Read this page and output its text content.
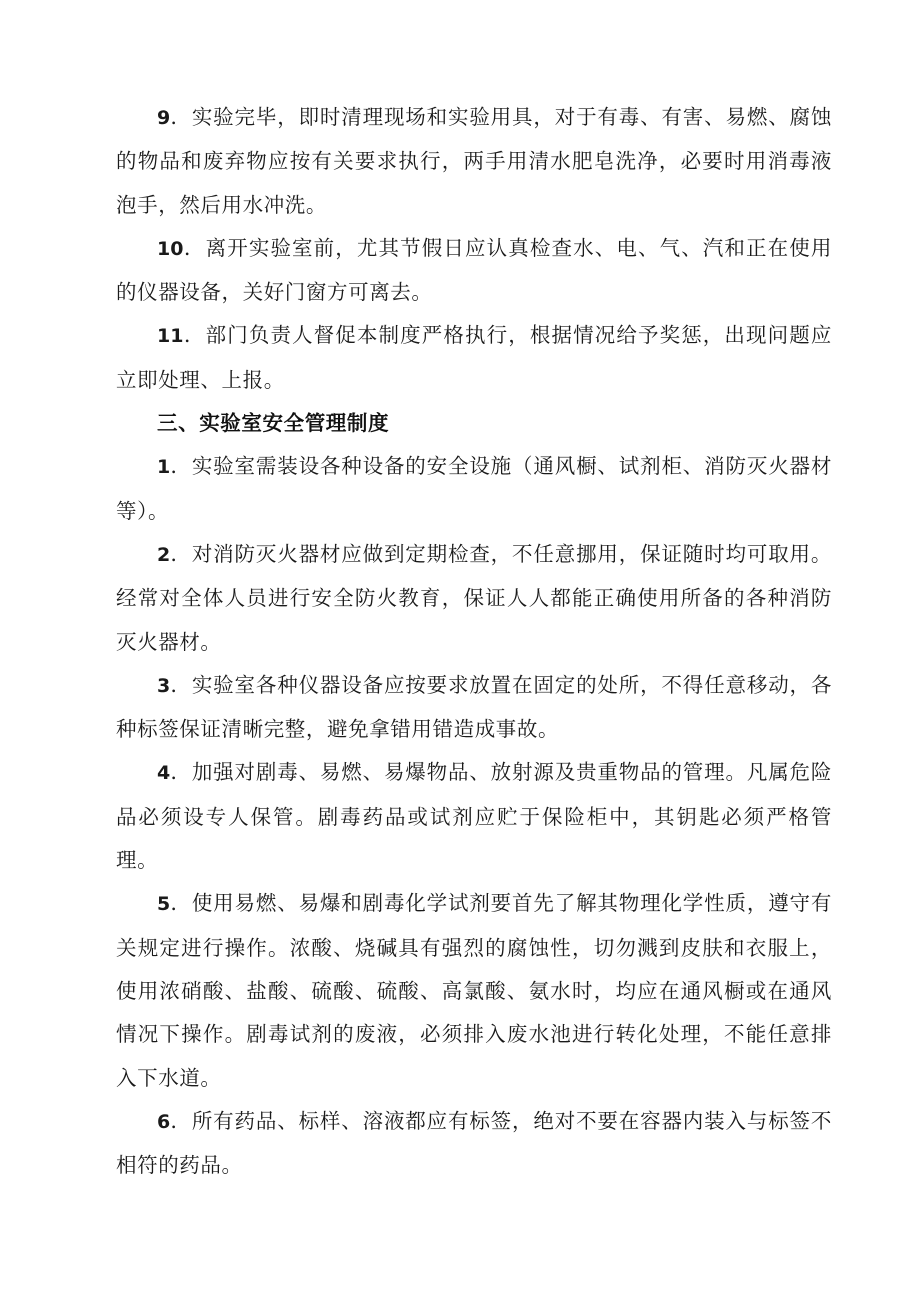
9．实验完毕，即时清理现场和实验用具，对于有毒、有害、易燃、腐蚀的物品和废弃物应按有关要求执行，两手用清水肥皂洗净，必要时用消毒液泡手，然后用水冲洗。

10．离开实验室前，尤其节假日应认真检查水、电、气、汽和正在使用的仪器设备，关好门窗方可离去。

11．部门负责人督促本制度严格执行，根据情况给予奖惩，出现问题应立即处理、上报。

三、实验室安全管理制度

1．实验室需装设各种设备的安全设施（通风橱、试剂柜、消防灭火器材等）。

2．对消防灭火器材应做到定期检查，不任意挪用，保证随时均可取用。经常对全体人员进行安全防火教育，保证人人都能正确使用所备的各种消防灭火器材。

3．实验室各种仪器设备应按要求放置在固定的处所，不得任意移动，各种标签保证清晰完整，避免拿错用错造成事故。

4．加强对剧毒、易燃、易爆物品、放射源及贵重物品的管理。凡属危险品必须设专人保管。剧毒药品或试剂应贮于保险柜中，其钥匙必须严格管理。

5．使用易燃、易爆和剧毒化学试剂要首先了解其物理化学性质，遵守有关规定进行操作。浓酸、烧碱具有强烈的腐蚀性，切勿溅到皮肤和衣服上，使用浓硝酸、盐酸、硫酸、硫酸、高氯酸、氨水时，均应在通风橱或在通风情况下操作。剧毒试剂的废液，必须排入废水池进行转化处理，不能任意排入下水道。

6．所有药品、标样、溶液都应有标签，绝对不要在容器内装入与标签不相符的药品。
